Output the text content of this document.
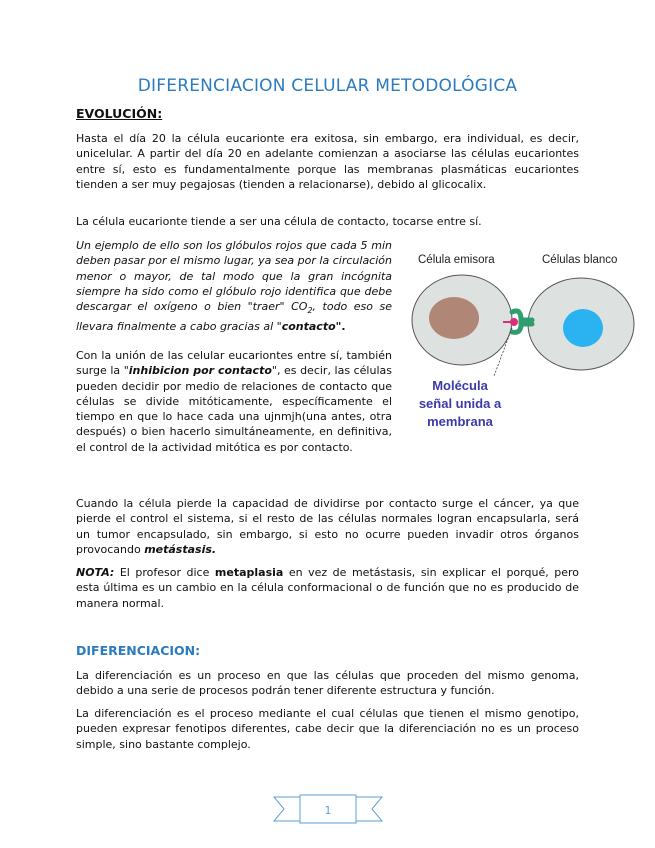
DIFERENCIACION CELULAR METODOLÓGICA
EVOLUCIÓN:

Hasta el día 20 la célula eucarionte era exitosa, sin embargo, era individual, es decir, unicelular. A partir del día 20 en adelante comienzan a asociarse las células eucariontes entre sí, esto es fundamentalmente porque las membranas plasmáticas eucariontes tienden a ser muy pegajosas (tienden a relacionarse), debido al glicocalix.

La célula eucarionte tiende a ser una célula de contacto, tocarse entre sí.

Un ejemplo de ello son los glóbulos rojos que cada 5 min deben pasar por el mismo lugar, ya sea por la circulación menor o mayor, de tal modo que la gran incógnita siempre ha sido como el glóbulo rojo identifica que debe descargar el oxígeno o bien "traer" $CO_2$, todo eso se llevara finalmente a cabo gracias al "contacto".

Con la unión de las celular eucariontes entre sí, también surge la "inhibicion por contacto", es decir, las células pueden decidir por medio de relaciones de contacto que células se divide mitóticamente, específicamente el tiempo en que lo hace cada una ujnmjh(una antes, otra después) o bien hacerlo simultáneamente, en definitiva, el control de la actividad mitótica es por contacto.

Célula emisora	Células blanco
Molécula
señal unida a
membrana

Cuando la célula pierde la capacidad de dividirse por contacto surge el cáncer, ya que pierde el control el sistema, si el resto de las células normales logran encapsularla, será un tumor encapsulado, sin embargo, si esto no ocurre pueden invadir otros órganos provocando metástasis.

NOTA: El profesor dice metaplasia en vez de metástasis, sin explicar el porqué, pero esta última es un cambio en la célula conformacional o de función que no es producido de manera normal.

DIFERENCIACION:

La diferenciación es un proceso en que las células que proceden del mismo genoma, debido a una serie de procesos podrán tener diferente estructura y función.

La diferenciación es el proceso mediante el cual células que tienen el mismo genotipo, pueden expresar fenotipos diferentes, cabe decir que la diferenciación no es un proceso simple, sino bastante complejo.

1
